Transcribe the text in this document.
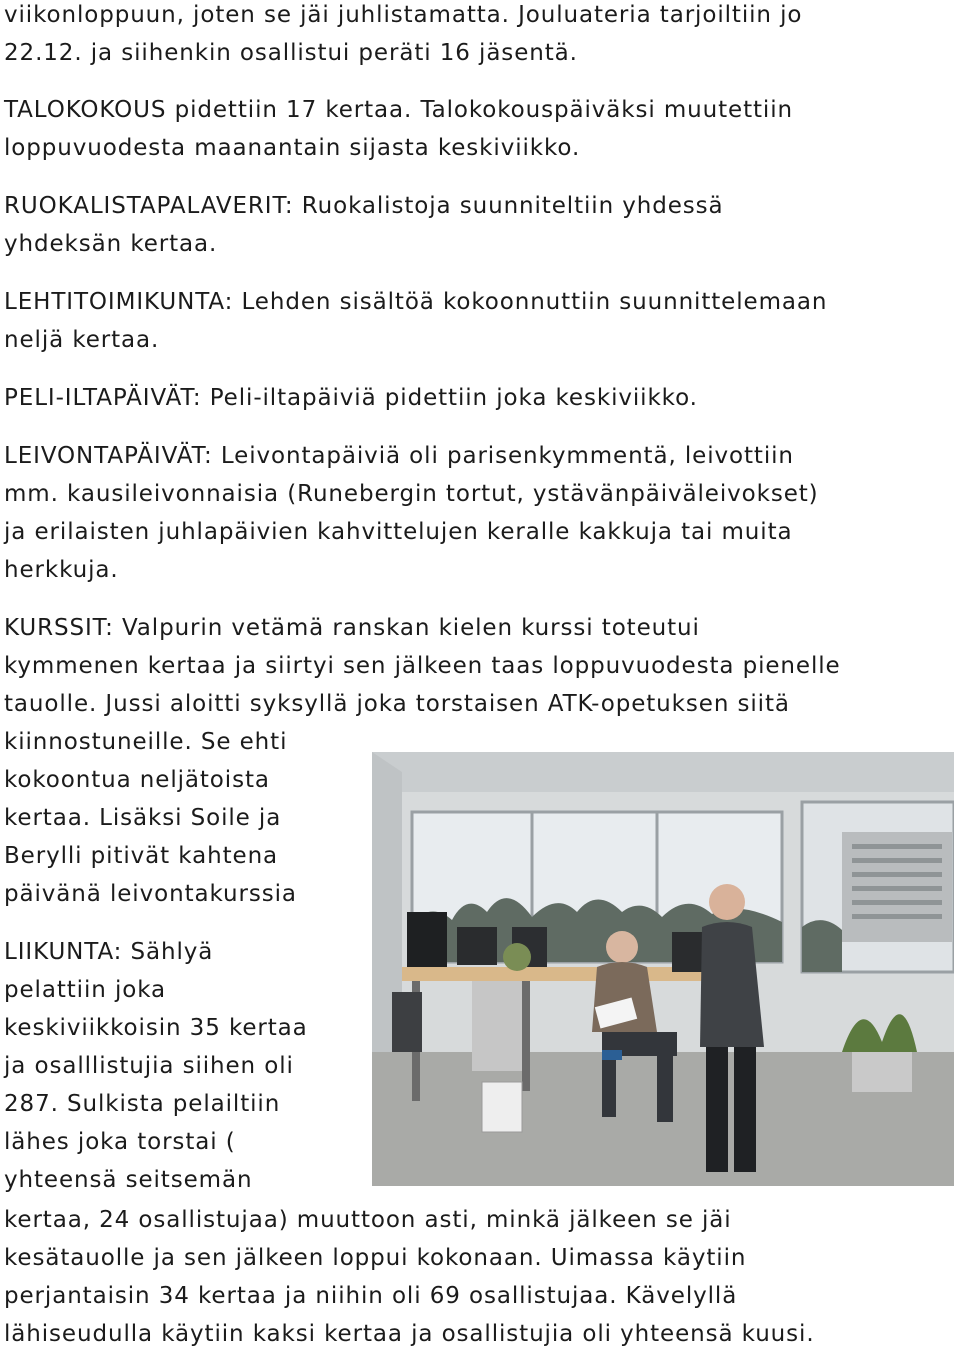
viikonloppuun, joten se jäi juhlistamatta. Jouluateria tarjoiltiin jo
22.12. ja siihenkin osallistui peräti 16 jäsentä.
TALOKOKOUS pidettiin 17 kertaa. Talokokouspäiväksi muutettiin
loppuvuodesta maanantain sijasta keskiviikko.
RUOKALISTAPALAVERIT: Ruokalistoja suunniteltiin yhdessä
yhdeksän kertaa.
LEHTITOIMIKUNTA: Lehden sisältöä kokoonnuttiin suunnittelemaan
neljä kertaa.
PELI-ILTAPÄIVÄT: Peli-iltapäiviä pidettiin joka keskiviikko.
LEIVONTAPÄIVÄT: Leivontapäiviä oli parisenkymmentä, leivottiin
mm. kausileivonnaisia (Runebergin tortut, ystävänpäiväleivokset)
ja erilaisten juhlapäivien kahvittelujen keralle kakkuja tai muita
herkkuja.
KURSSIT: Valpurin vetämä ranskan kielen kurssi toteutui
kymmenen kertaa ja siirtyi sen jälkeen taas loppuvuodesta pienelle
tauolle. Jussi aloitti syksyllä joka torstaisen ATK-opetuksen siitä
kiinnostuneille. Se ehti
kokoontua neljätoista
kertaa. Lisäksi Soile ja
Berylli pitivät kahtena
päivänä leivontakurssia
LIIKUNTA: Sählyä
pelattiin joka
keskiviikkoisin 35 kertaa
ja osalllistujia siihen oli
287. Sulkista pelailtiin
lähes joka torstai (
yhteensä seitsemän
kertaa, 24 osallistujaa) muuttoon asti, minkä jälkeen se jäi
kesätauolle ja sen jälkeen loppui kokonaan. Uimassa käytiin
perjantaisin 34 kertaa ja niihin oli 69 osallistujaa. Kävelyllä
lähiseudulla käytiin kaksi kertaa ja osallistujia oli yhteensä kuusi.
